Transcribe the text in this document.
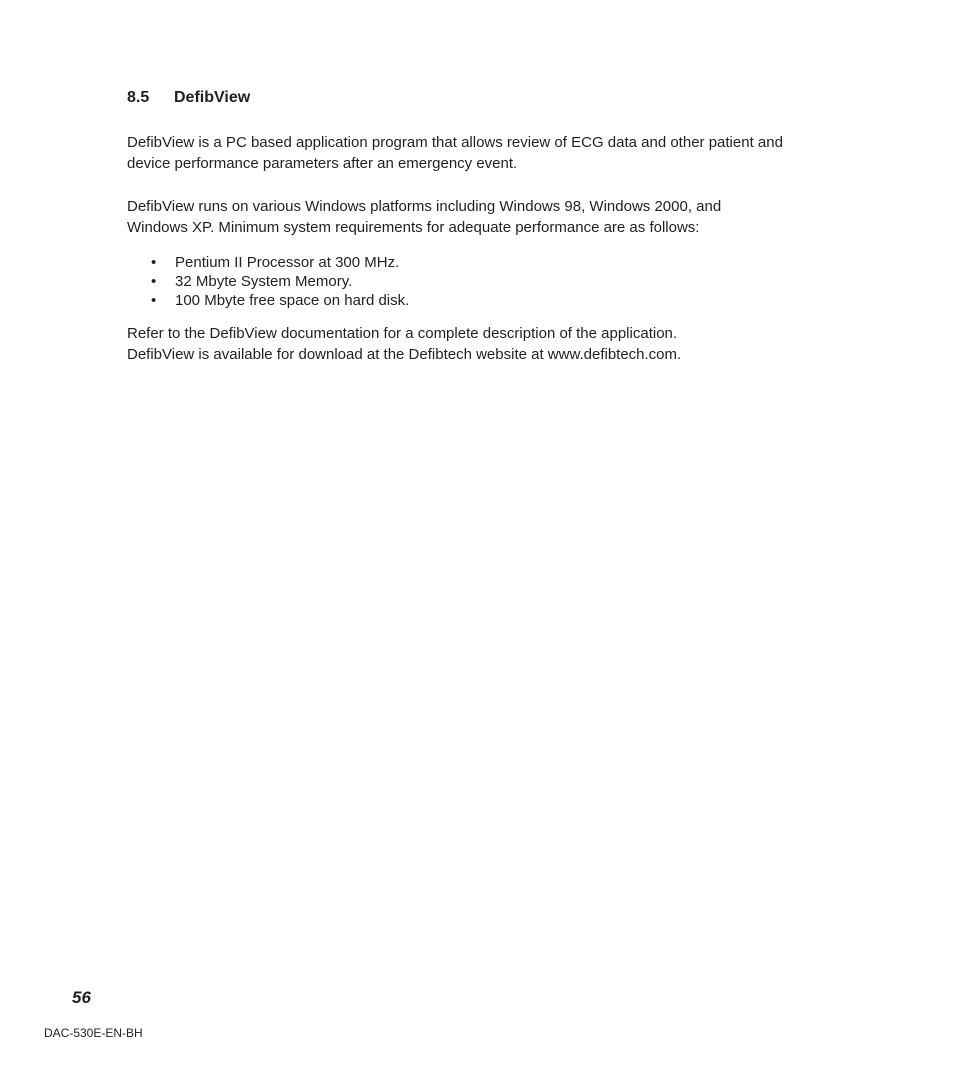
8.5 DefibView

DefibView is a PC based application program that allows review of ECG data and other patient and
device performance parameters after an emergency event.

DefibView runs on various Windows platforms including Windows 98, Windows 2000, and
Windows XP. Minimum system requirements for adequate performance are as follows:

• Pentium II Processor at 300 MHz.
• 32 Mbyte System Memory.
• 100 Mbyte free space on hard disk.

Refer to the DefibView documentation for a complete description of the application.
DefibView is available for download at the Defibtech website at www.defibtech.com.

56

DAC-530E-EN-BH
